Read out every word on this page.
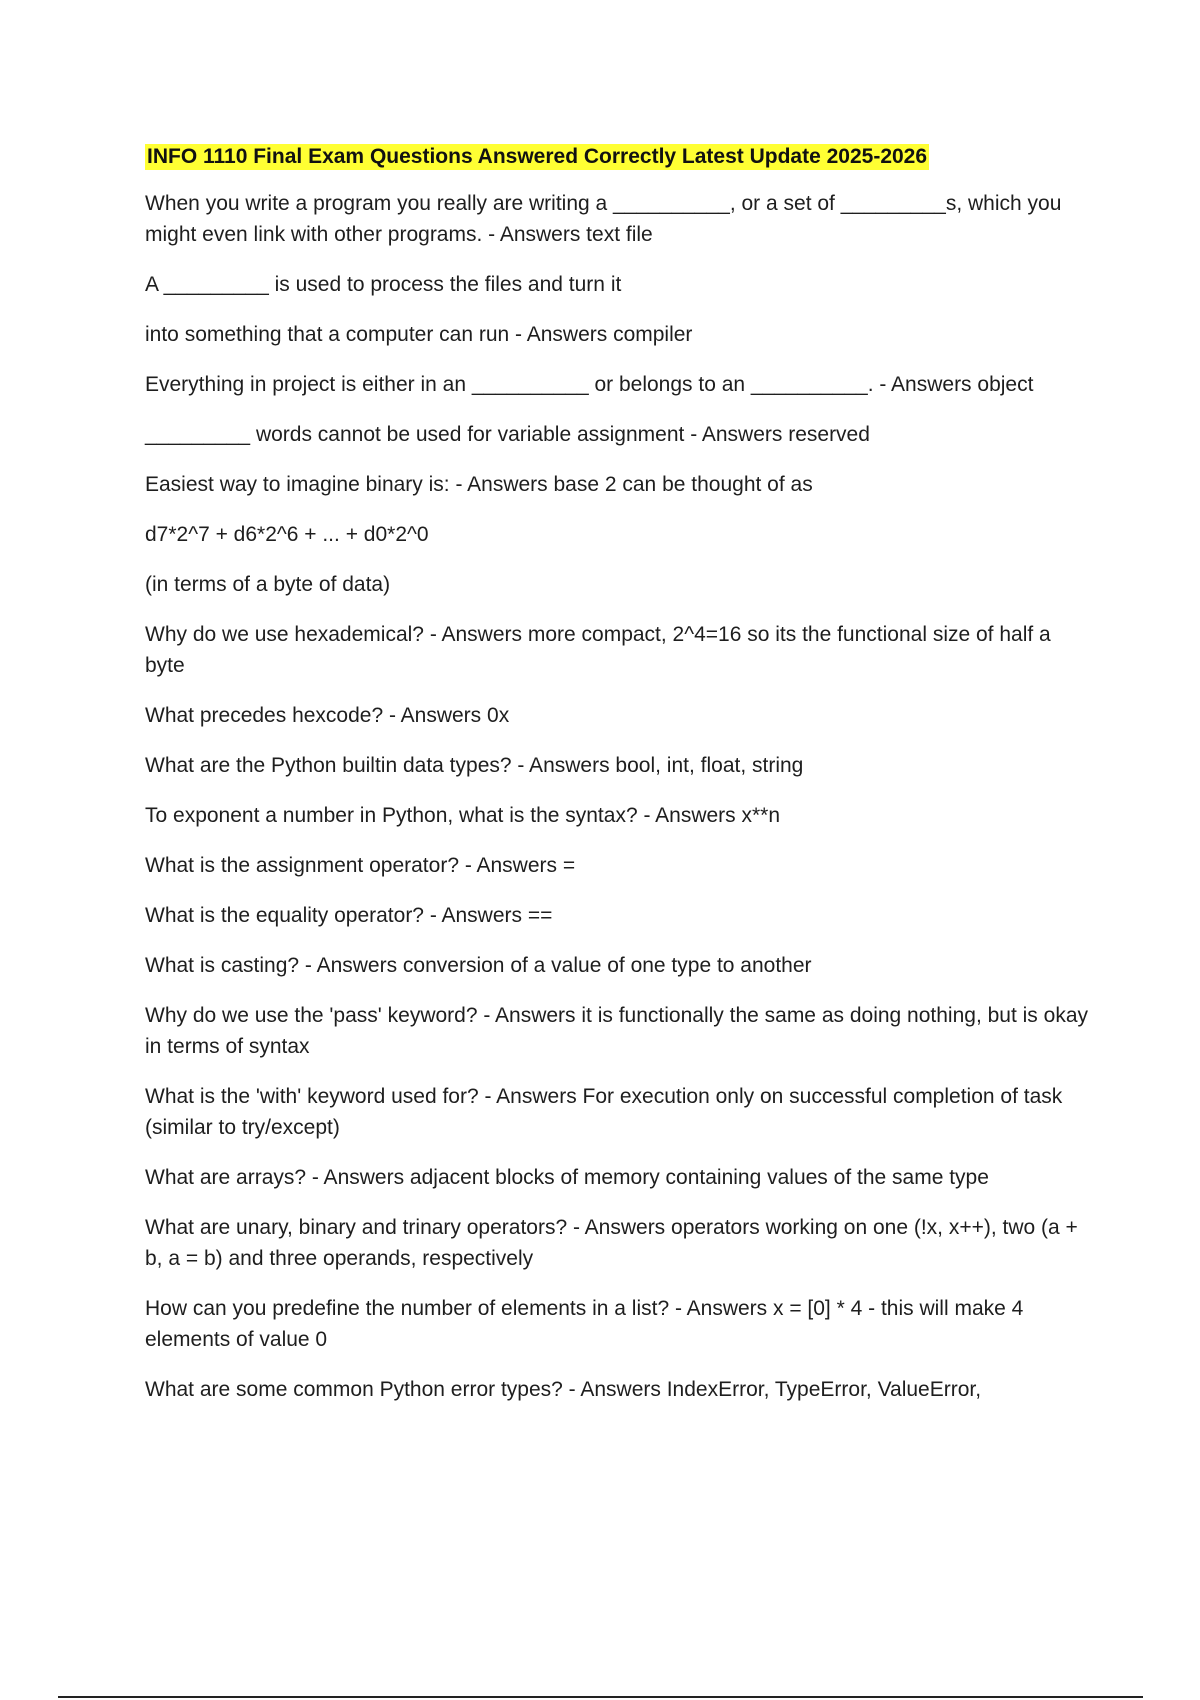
INFO 1110 Final Exam Questions Answered Correctly Latest Update 2025-2026

When you write a program you really are writing a __________, or a set of _________s, which you might even link with other programs. - Answers text file

A _________ is used to process the files and turn it

into something that a computer can run - Answers compiler

Everything in project is either in an __________ or belongs to an __________. - Answers object

_________ words cannot be used for variable assignment - Answers reserved

Easiest way to imagine binary is: - Answers base 2 can be thought of as

d7*2^7 + d6*2^6 + ... + d0*2^0

(in terms of a byte of data)

Why do we use hexademical? - Answers more compact, 2^4=16 so its the functional size of half a byte

What precedes hexcode? - Answers 0x

What are the Python builtin data types? - Answers bool, int, float, string

To exponent a number in Python, what is the syntax? - Answers x**n

What is the assignment operator? - Answers =

What is the equality operator? - Answers ==

What is casting? - Answers conversion of a value of one type to another

Why do we use the 'pass' keyword? - Answers it is functionally the same as doing nothing, but is okay in terms of syntax

What is the 'with' keyword used for? - Answers For execution only on successful completion of task (similar to try/except)

What are arrays? - Answers adjacent blocks of memory containing values of the same type

What are unary, binary and trinary operators? - Answers operators working on one (!x, x++), two (a + b, a = b) and three operands, respectively

How can you predefine the number of elements in a list? - Answers x = [0] * 4 - this will make 4 elements of value 0

What are some common Python error types? - Answers IndexError, TypeError, ValueError,
